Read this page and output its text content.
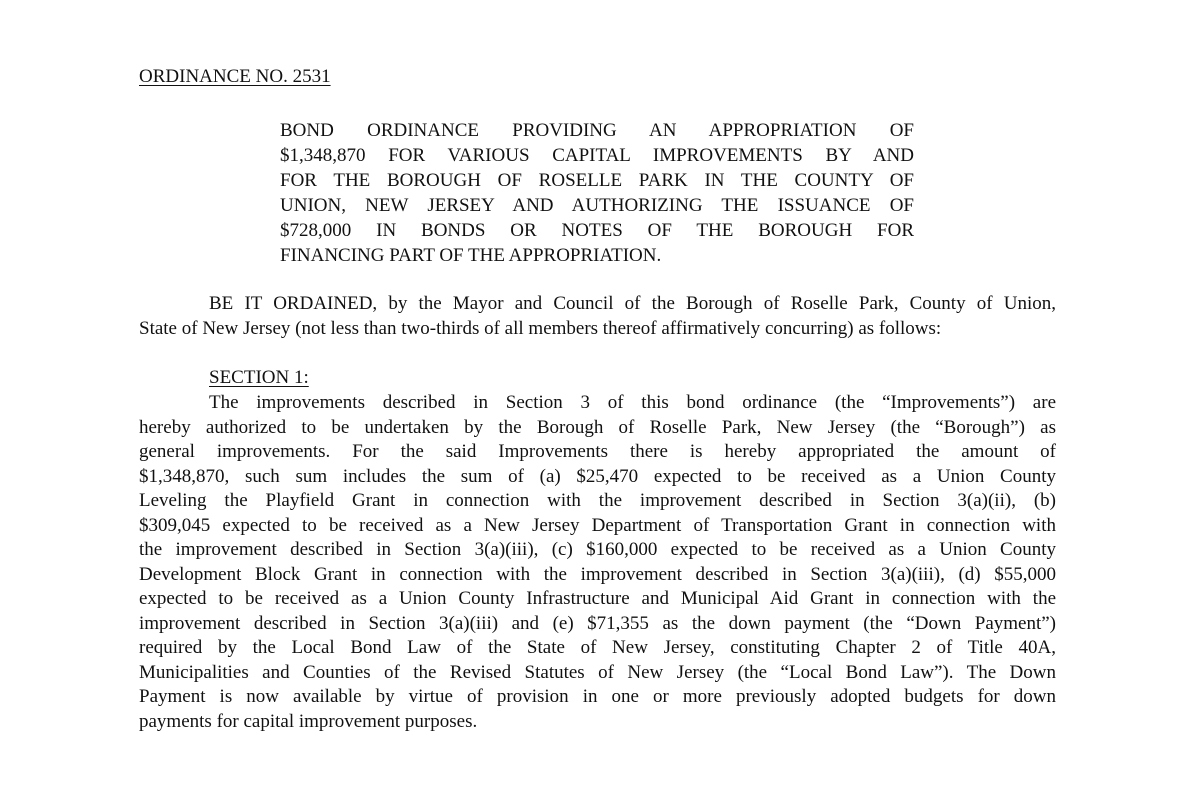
ORDINANCE NO. 2531
BOND ORDINANCE PROVIDING AN APPROPRIATION OF
$1,348,870 FOR VARIOUS CAPITAL IMPROVEMENTS BY AND
FOR THE BOROUGH OF ROSELLE PARK IN THE COUNTY OF
UNION, NEW JERSEY AND AUTHORIZING THE ISSUANCE OF
$728,000 IN BONDS OR NOTES OF THE BOROUGH FOR
FINANCING PART OF THE APPROPRIATION.
BE IT ORDAINED, by the Mayor and Council of the Borough of Roselle Park, County of Union,
State of New Jersey (not less than two-thirds of all members thereof affirmatively concurring) as follows:
SECTION 1:
The improvements described in Section 3 of this bond ordinance (the “Improvements”) are
hereby authorized to be undertaken by the Borough of Roselle Park, New Jersey (the “Borough”) as
general improvements. For the said Improvements there is hereby appropriated the amount of
$1,348,870, such sum includes the sum of (a) $25,470 expected to be received as a Union County
Leveling the Playfield Grant in connection with the improvement described in Section 3(a)(ii), (b)
$309,045 expected to be received as a New Jersey Department of Transportation Grant in connection with
the improvement described in Section 3(a)(iii), (c) $160,000 expected to be received as a Union County
Development Block Grant in connection with the improvement described in Section 3(a)(iii), (d) $55,000
expected to be received as a Union County Infrastructure and Municipal Aid Grant in connection with the
improvement described in Section 3(a)(iii) and (e) $71,355 as the down payment (the “Down Payment”)
required by the Local Bond Law of the State of New Jersey, constituting Chapter 2 of Title 40A,
Municipalities and Counties of the Revised Statutes of New Jersey (the “Local Bond Law”). The Down
Payment is now available by virtue of provision in one or more previously adopted budgets for down
payments for capital improvement purposes.
